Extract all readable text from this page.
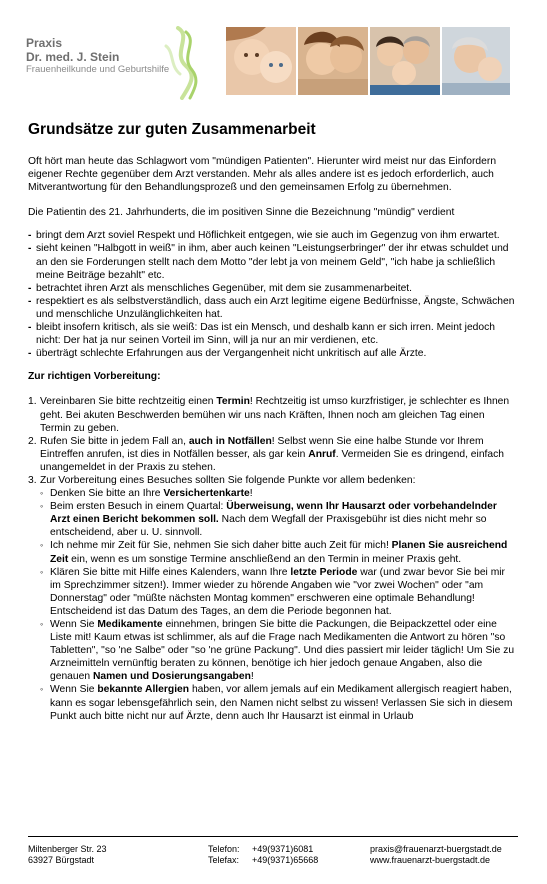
Praxis
Dr. med. J. Stein
Frauenheilkunde und Geburtshilfe
Grundsätze zur guten Zusammenarbeit
Oft hört man heute das Schlagwort vom "mündigen Patienten". Hierunter wird meist nur das Einfordern eigener Rechte gegenüber dem Arzt verstanden. Mehr als alles andere ist es jedoch erforderlich, auch Mitverantwortung für den Behandlungsprozeß und den gemeinsamen Erfolg zu übernehmen.
Die Patientin des 21. Jahrhunderts, die im positiven Sinne die Bezeichnung "mündig" verdient
- bringt dem Arzt soviel Respekt und Höflichkeit entgegen, wie sie auch im Gegenzug von ihm erwartet.
- sieht keinen "Halbgott in weiß" in ihm, aber auch keinen "Leistungserbringer" der ihr etwas schuldet und an den sie Forderungen stellt nach dem Motto "der lebt ja von meinem Geld", "ich habe ja schließlich meine Beiträge bezahlt" etc.
- betrachtet ihren Arzt als menschliches Gegenüber, mit dem sie zusammenarbeitet.
- respektiert es als selbstverständlich, dass auch ein Arzt legitime eigene Bedürfnisse, Ängste, Schwächen und menschliche Unzulänglichkeiten hat.
- bleibt insofern kritisch, als sie weiß: Das ist ein Mensch, und deshalb kann er sich irren. Meint jedoch nicht: Der hat ja nur seinen Vorteil im Sinn, will ja nur an mir verdienen, etc.
- überträgt schlechte Erfahrungen aus der Vergangenheit nicht unkritisch auf alle Ärzte.
Zur richtigen Vorbereitung:
1. Vereinbaren Sie bitte rechtzeitig einen Termin! Rechtzeitig ist umso kurzfristiger, je schlechter es Ihnen geht. Bei akuten Beschwerden bemühen wir uns nach Kräften, Ihnen noch am gleichen Tag einen Termin zu geben.
2. Rufen Sie bitte in jedem Fall an, auch in Notfällen! Selbst wenn Sie eine halbe Stunde vor Ihrem Eintreffen anrufen, ist dies in Notfällen besser, als gar kein Anruf. Vermeiden Sie es dringend, einfach unangemeldet in der Praxis zu stehen.
3. Zur Vorbereitung eines Besuches sollten Sie folgende Punkte vor allem bedenken:
◦ Denken Sie bitte an Ihre Versichertenkarte!
◦ Beim ersten Besuch in einem Quartal: Überweisung, wenn Ihr Hausarzt oder vorbehandelnder Arzt einen Bericht bekommen soll. Nach dem Wegfall der Praxisgebühr ist dies nicht mehr so entscheidend, aber u. U. sinnvoll.
◦ Ich nehme mir Zeit für Sie, nehmen Sie sich daher bitte auch Zeit für mich! Planen Sie ausreichend Zeit ein, wenn es um sonstige Termine anschließend an den Termin in meiner Praxis geht.
◦ Klären Sie bitte mit Hilfe eines Kalenders, wann Ihre letzte Periode war (und zwar bevor Sie bei mir im Sprechzimmer sitzen!). Immer wieder zu hörende Angaben wie "vor zwei Wochen" oder "am Donnerstag" oder "müßte nächsten Montag kommen" erschweren eine optimale Behandlung! Entscheidend ist das Datum des Tages, an dem die Periode begonnen hat.
◦ Wenn Sie Medikamente einnehmen, bringen Sie bitte die Packungen, die Beipackzettel oder eine Liste mit! Kaum etwas ist schlimmer, als auf die Frage nach Medikamenten die Antwort zu hören "so Tabletten", "so 'ne Salbe" oder "so 'ne grüne Packung". Und dies passiert mir leider täglich! Um Sie zu Arzneimitteln vernünftig beraten zu können, benötige ich hier jedoch genaue Angaben, also die genauen Namen und Dosierungsangaben!
◦ Wenn Sie bekannte Allergien haben, vor allem jemals auf ein Medikament allergisch reagiert haben, kann es sogar lebensgefährlich sein, den Namen nicht selbst zu wissen! Verlassen Sie sich in diesem Punkt auch bitte nicht nur auf Ärzte, denn auch Ihr Hausarzt ist einmal in Urlaub
Miltenberger Str. 23
63927 Bürgstadt
Telefon: +49(9371)6081
Telefax: +49(9371)65668
praxis@frauenarzt-buergstadt.de
www.frauenarzt-buergstadt.de
